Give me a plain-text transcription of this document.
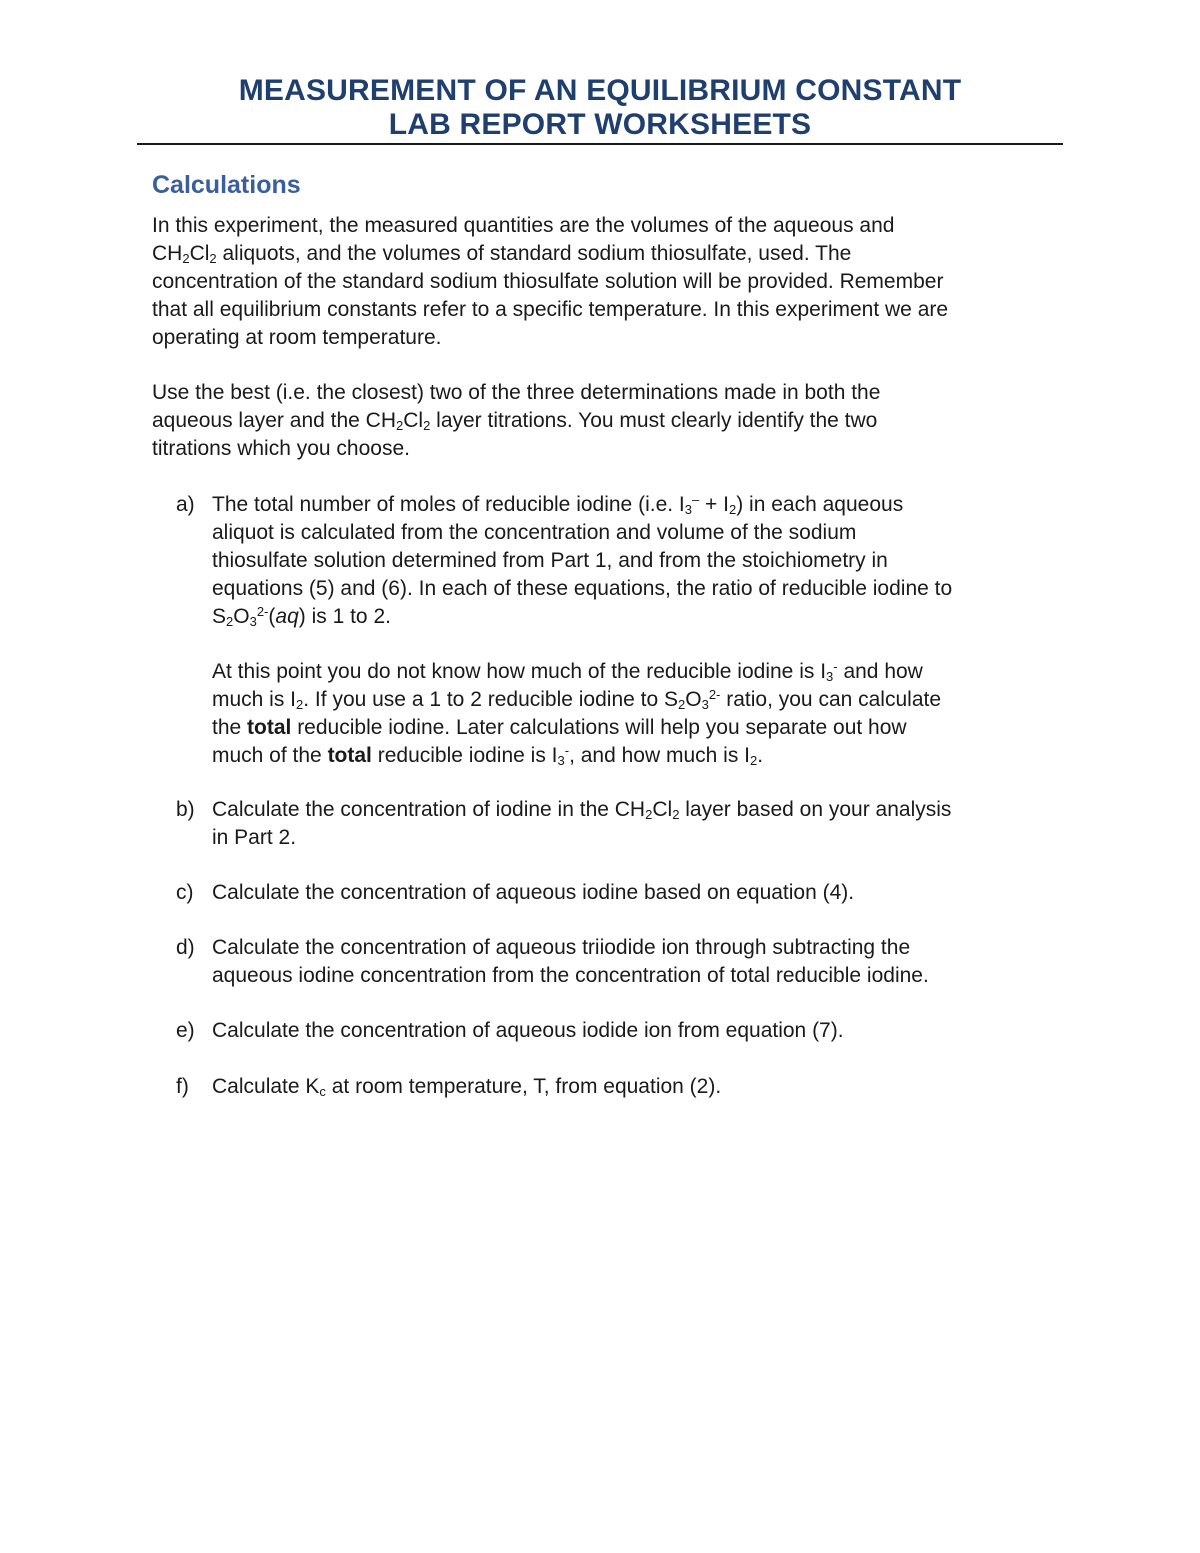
MEASUREMENT OF AN EQUILIBRIUM CONSTANT
LAB REPORT WORKSHEETS
Calculations
In this experiment, the measured quantities are the volumes of the aqueous and
$CH_2Cl_2$ aliquots, and the volumes of standard sodium thiosulfate, used. The
concentration of the standard sodium thiosulfate solution will be provided. Remember
that all equilibrium constants refer to a specific temperature. In this experiment we are
operating at room temperature.
Use the best (i.e. the closest) two of the three determinations made in both the
aqueous layer and the $CH_2Cl_2$ layer titrations. You must clearly identify the two
titrations which you choose.
a) The total number of moles of reducible iodine (i.e. $I_3^- + I_2$) in each aqueous
aliquot is calculated from the concentration and volume of the sodium
thiosulfate solution determined from Part 1, and from the stoichiometry in
equations (5) and (6). In each of these equations, the ratio of reducible iodine to
$S_2O_3^{2-}(aq)$ is 1 to 2.
At this point you do not know how much of the reducible iodine is $I_3^-$ and how
much is $I_2$. If you use a 1 to 2 reducible iodine to $S_2O_3^{2-}$ ratio, you can calculate
the total reducible iodine. Later calculations will help you separate out how
much of the total reducible iodine is $I_3^-$, and how much is $I_2$.
b) Calculate the concentration of iodine in the $CH_2Cl_2$ layer based on your analysis
in Part 2.
c) Calculate the concentration of aqueous iodine based on equation (4).
d) Calculate the concentration of aqueous triiodide ion through subtracting the
aqueous iodine concentration from the concentration of total reducible iodine.
e) Calculate the concentration of aqueous iodide ion from equation (7).
f)	Calculate $K_c$ at room temperature, T, from equation (2).
